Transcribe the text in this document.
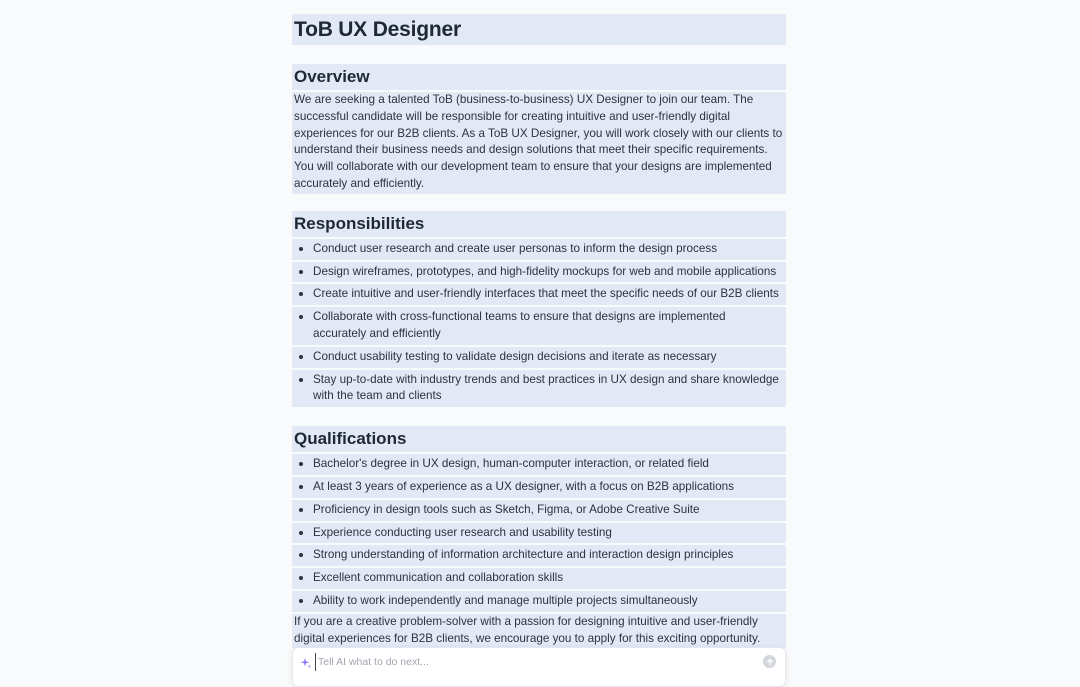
ToB UX Designer
Overview

We are seeking a talented ToB (business-to-business) UX Designer to join our team. The successful candidate will be responsible for creating intuitive and user-friendly digital experiences for our B2B clients. As a ToB UX Designer, you will work closely with our clients to understand their business needs and design solutions that meet their specific requirements. You will collaborate with our development team to ensure that your designs are implemented accurately and efficiently.

Responsibilities
Conduct user research and create user personas to inform the design process
Design wireframes, prototypes, and high-fidelity mockups for web and mobile applications
Create intuitive and user-friendly interfaces that meet the specific needs of our B2B clients
Collaborate with cross-functional teams to ensure that designs are implemented accurately and efficiently
Conduct usability testing to validate design decisions and iterate as necessary
Stay up-to-date with industry trends and best practices in UX design and share knowledge with the team and clients
Qualifications
Bachelor's degree in UX design, human-computer interaction, or related field
At least 3 years of experience as a UX designer, with a focus on B2B applications
Proficiency in design tools such as Sketch, Figma, or Adobe Creative Suite
Experience conducting user research and usability testing
Strong understanding of information architecture and interaction design principles
Excellent communication and collaboration skills
Ability to work independently and manage multiple projects simultaneously

If you are a creative problem-solver with a passion for designing intuitive and user-friendly digital experiences for B2B clients, we encourage you to apply for this exciting opportunity.

Tell AI what to do next...
